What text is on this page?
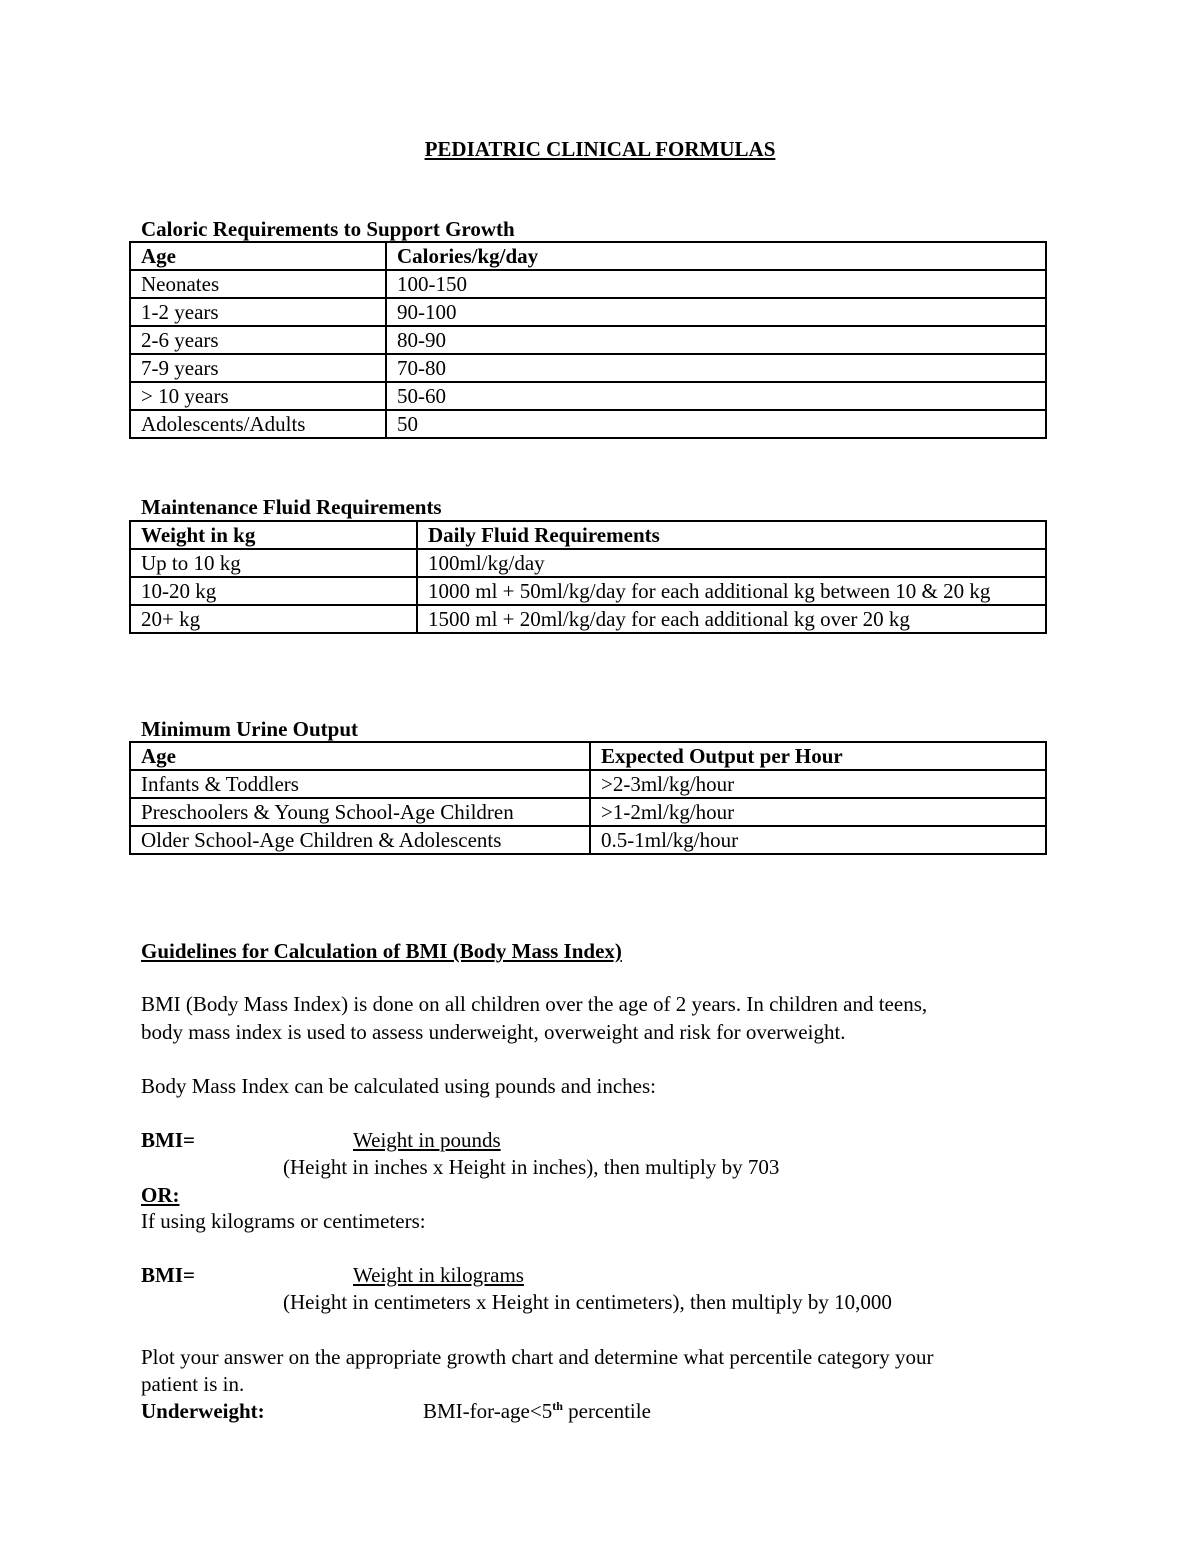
PEDIATRIC CLINICAL FORMULAS
Caloric Requirements to Support Growth
Age	Calories/kg/day
Neonates	100-150
1-2 years	90-100
2-6 years	80-90
7-9 years	70-80
> 10 years	50-60
Adolescents/Adults	50
Maintenance Fluid Requirements
Weight in kg	Daily Fluid Requirements
Up to 10 kg	100ml/kg/day
10-20 kg	1000 ml + 50ml/kg/day for each additional kg between 10 & 20 kg
20+ kg	1500 ml + 20ml/kg/day for each additional kg over 20 kg
Minimum Urine Output
Age	Expected Output per Hour
Infants & Toddlers	>2-3ml/kg/hour
Preschoolers & Young School-Age Children	>1-2ml/kg/hour
Older School-Age Children & Adolescents	0.5-1ml/kg/hour
Guidelines for Calculation of BMI (Body Mass Index)
BMI (Body Mass Index) is done on all children over the age of 2 years. In children and teens,
body mass index is used to assess underweight, overweight and risk for overweight.
Body Mass Index can be calculated using pounds and inches:
BMI=	Weight in pounds
(Height in inches x Height in inches), then multiply by 703
OR:
If using kilograms or centimeters:
BMI=	Weight in kilograms
(Height in centimeters x Height in centimeters), then multiply by 10,000
Plot your answer on the appropriate growth chart and determine what percentile category your
patient is in.
Underweight:	BMI-for-age<5th percentile
